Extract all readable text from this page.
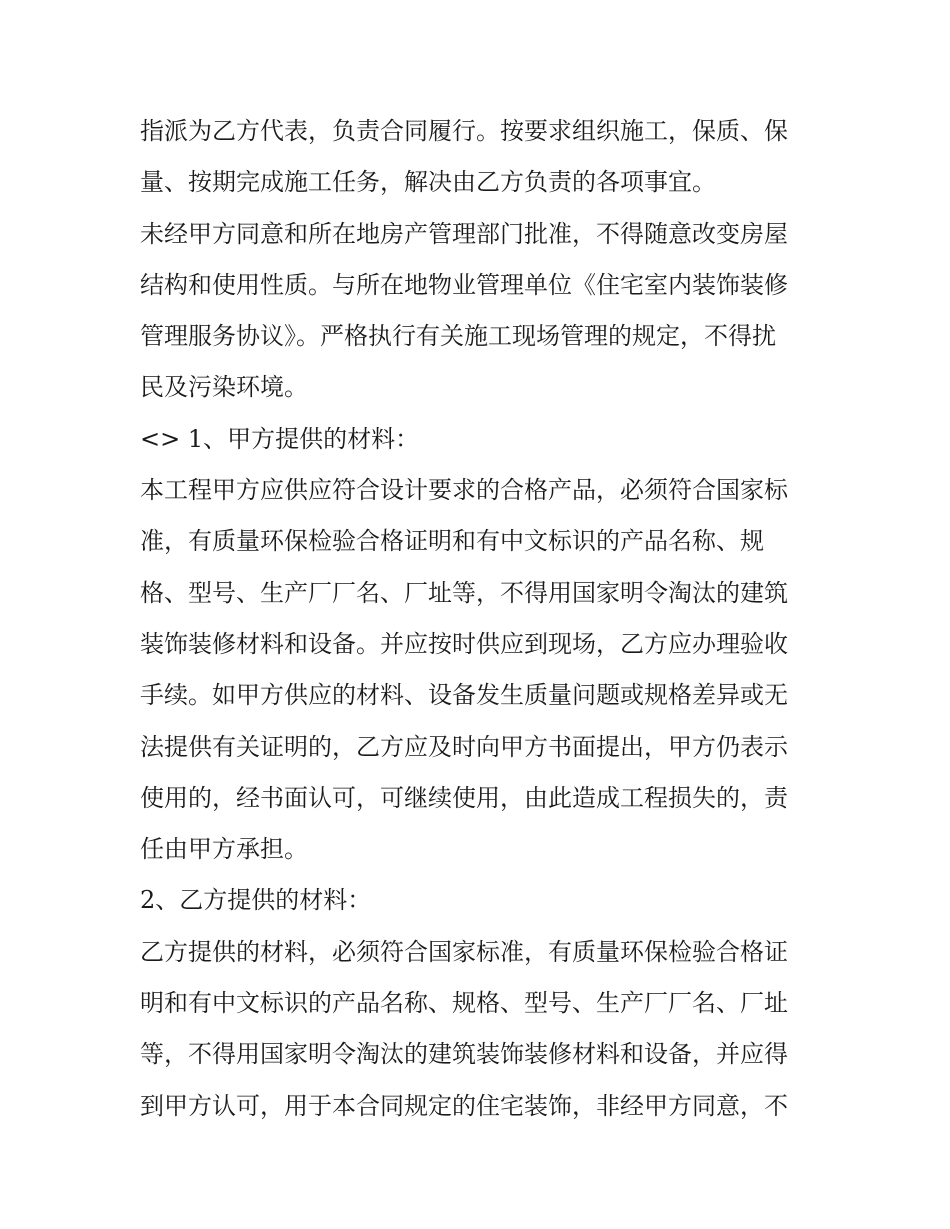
指派为乙方代表，负责合同履行。按要求组织施工，保质、保
量、按期完成施工任务，解决由乙方负责的各项事宜。
未经甲方同意和所在地房产管理部门批准，不得随意改变房屋
结构和使用性质。与所在地物业管理单位《住宅室内装饰装修
管理服务协议》。严格执行有关施工现场管理的规定，不得扰
民及污染环境。
<> 1、甲方提供的材料：
本工程甲方应供应符合设计要求的合格产品，必须符合国家标
准，有质量环保检验合格证明和有中文标识的产品名称、规
格、型号、生产厂厂名、厂址等，不得用国家明令淘汰的建筑
装饰装修材料和设备。并应按时供应到现场，乙方应办理验收
手续。如甲方供应的材料、设备发生质量问题或规格差异或无
法提供有关证明的，乙方应及时向甲方书面提出，甲方仍表示
使用的，经书面认可，可继续使用，由此造成工程损失的，责
任由甲方承担。
2、乙方提供的材料：
乙方提供的材料，必须符合国家标准，有质量环保检验合格证
明和有中文标识的产品名称、规格、型号、生产厂厂名、厂址
等，不得用国家明令淘汰的建筑装饰装修材料和设备，并应得
到甲方认可，用于本合同规定的住宅装饰，非经甲方同意，不
